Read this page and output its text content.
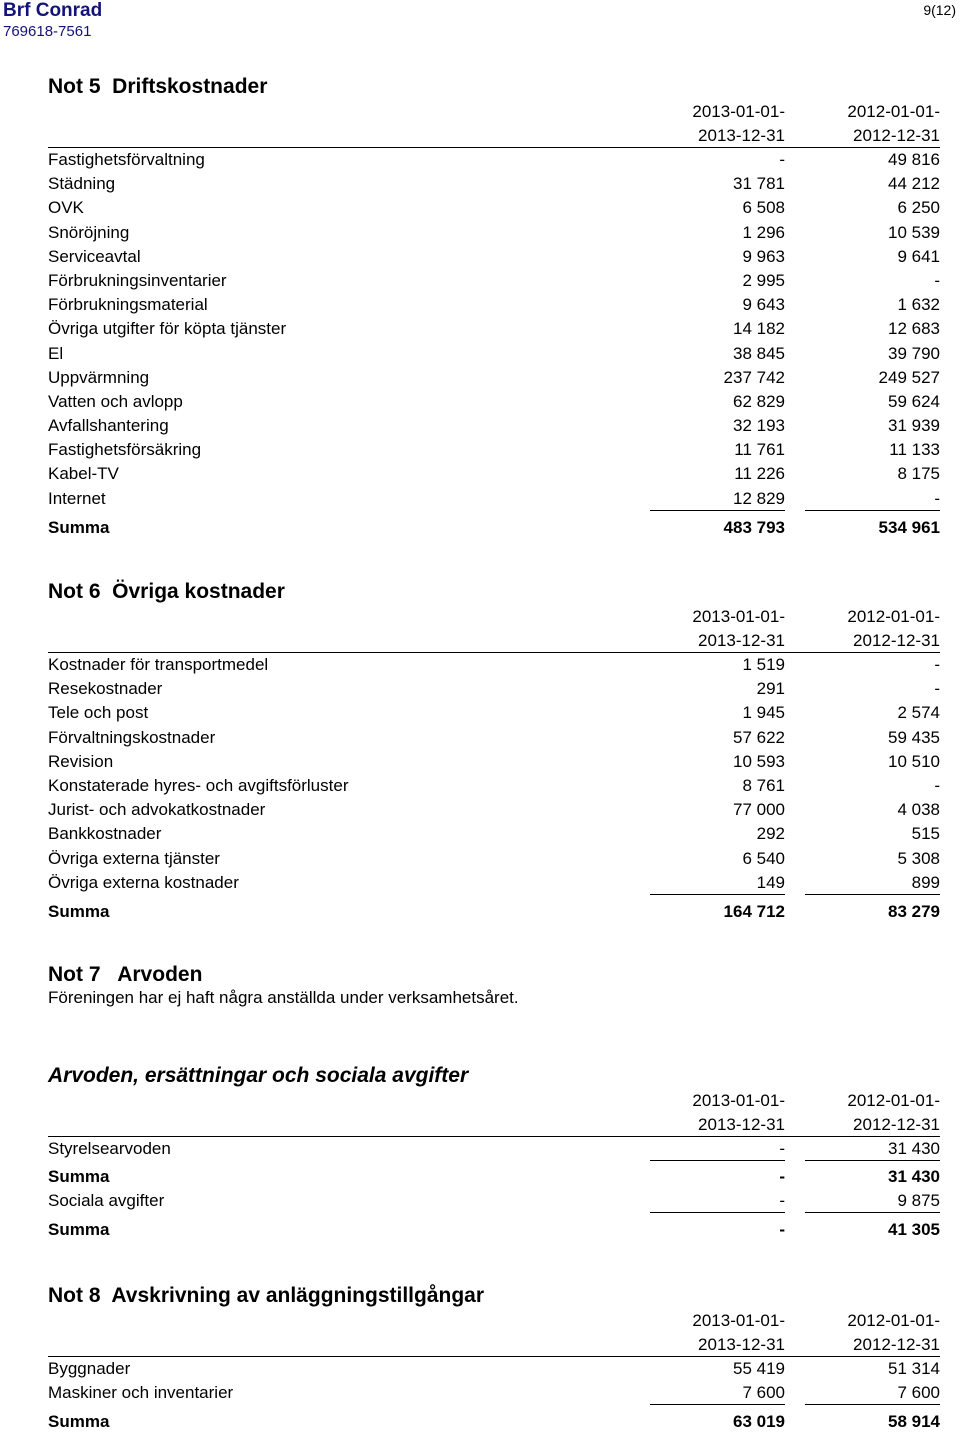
Brf Conrad
769618-7561
9(12)
Not 5  Driftskostnader
2013-01-01-
2013-12-31
2012-01-01-
2012-12-31
Fastighetsförvaltning	-	49 816
Städning	31 781	44 212
OVK	6 508	6 250
Snöröjning	1 296	10 539
Serviceavtal	9 963	9 641
Förbrukningsinventarier	2 995	-
Förbrukningsmaterial	9 643	1 632
Övriga utgifter för köpta tjänster	14 182	12 683
El	38 845	39 790
Uppvärmning	237 742	249 527
Vatten och avlopp	62 829	59 624
Avfallshantering	32 193	31 939
Fastighetsförsäkring	11 761	11 133
Kabel-TV	11 226	8 175
Internet	12 829	-
Summa	483 793	534 961
Not 6  Övriga kostnader
2013-01-01-
2013-12-31
2012-01-01-
2012-12-31
Kostnader för transportmedel	1 519	-
Resekostnader	291	-
Tele och post	1 945	2 574
Förvaltningskostnader	57 622	59 435
Revision	10 593	10 510
Konstaterade hyres- och avgiftsförluster	8 761	-
Jurist- och advokatkostnader	77 000	4 038
Bankkostnader	292	515
Övriga externa tjänster	6 540	5 308
Övriga externa kostnader	149	899
Summa	164 712	83 279
Not 7   Arvoden
Föreningen har ej haft några anställda under verksamhetsåret.
Arvoden, ersättningar och sociala avgifter
2013-01-01-
2013-12-31
2012-01-01-
2012-12-31
Styrelsearvoden	-	31 430
Summa	-	31 430
Sociala avgifter	-	9 875
Summa	-	41 305
Not 8  Avskrivning av anläggningstillgångar
2013-01-01-
2013-12-31
2012-01-01-
2012-12-31
Byggnader	55 419	51 314
Maskiner och inventarier	7 600	7 600
Summa	63 019	58 914
